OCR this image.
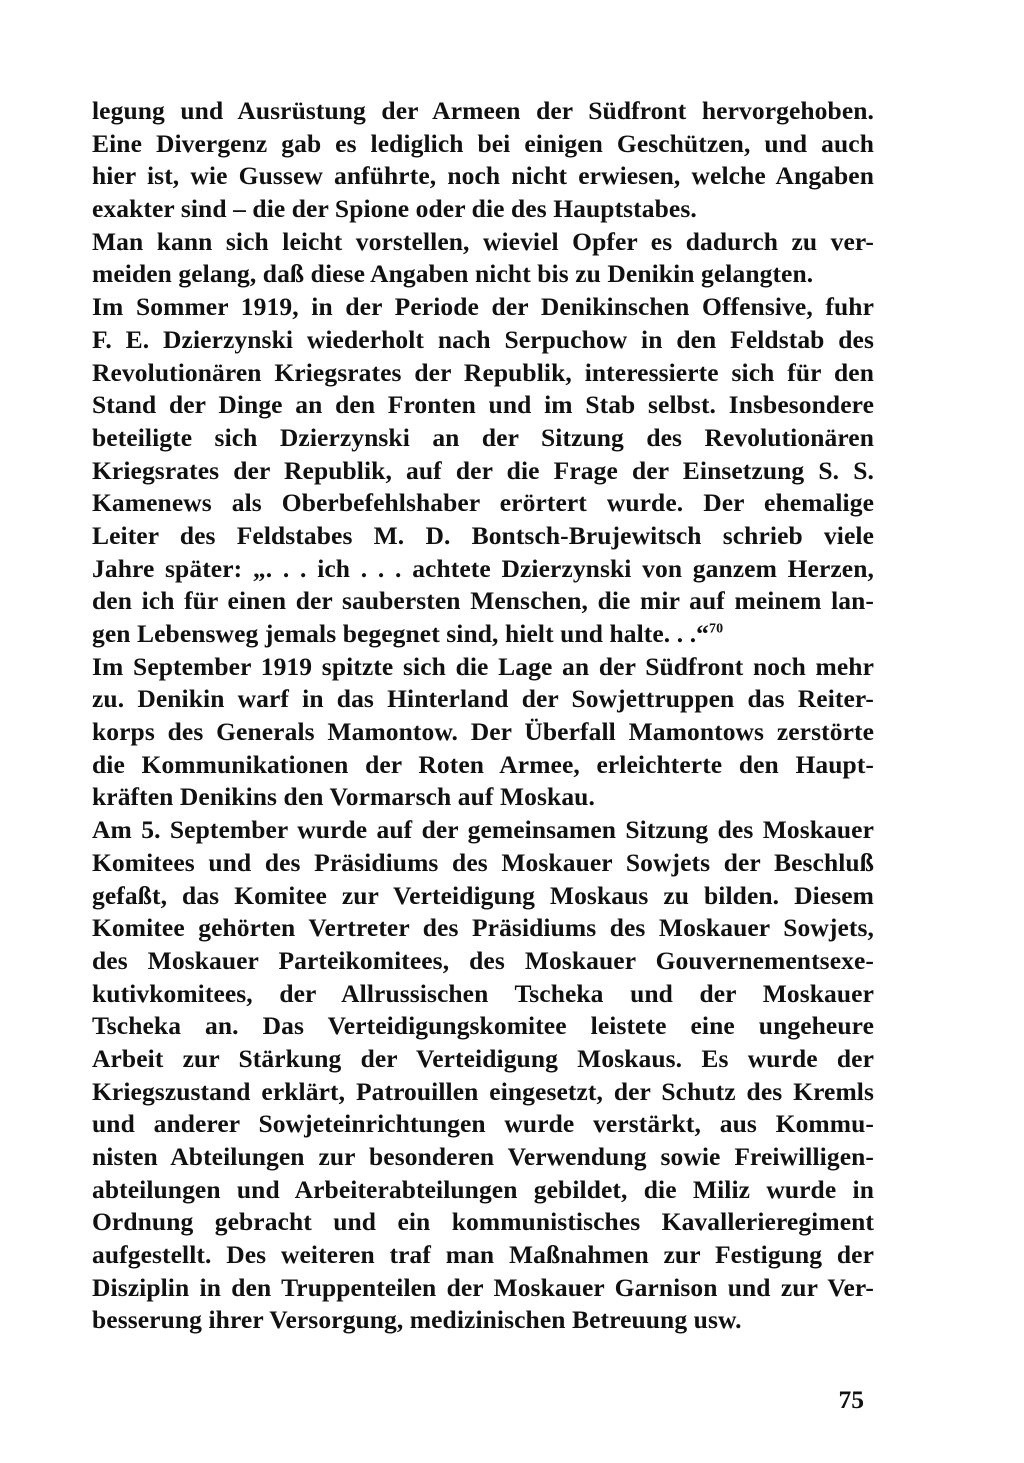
legung und Ausrüstung der Armeen der Südfront hervorgehoben.
Eine Divergenz gab es lediglich bei einigen Geschützen, und auch
hier ist, wie Gussew anführte, noch nicht erwiesen, welche Angaben
exakter sind – die der Spione oder die des Hauptstabes.
Man kann sich leicht vorstellen, wieviel Opfer es dadurch zu ver-
meiden gelang, daß diese Angaben nicht bis zu Denikin gelangten.
Im Sommer 1919, in der Periode der Denikinschen Offensive, fuhr
F. E. Dzierzynski wiederholt nach Serpuchow in den Feldstab des
Revolutionären Kriegsrates der Republik, interessierte sich für den
Stand der Dinge an den Fronten und im Stab selbst. Insbesondere
beteiligte sich Dzierzynski an der Sitzung des Revolutionären
Kriegsrates der Republik, auf der die Frage der Einsetzung S. S.
Kamenews als Oberbefehlshaber erörtert wurde. Der ehemalige
Leiter des Feldstabes M. D. Bontsch-Brujewitsch schrieb viele
Jahre später: „. . . ich . . . achtete Dzierzynski von ganzem Herzen,
den ich für einen der saubersten Menschen, die mir auf meinem lan-
gen Lebensweg jemals begegnet sind, hielt und halte. . .“$^{70}$
Im September 1919 spitzte sich die Lage an der Südfront noch mehr
zu. Denikin warf in das Hinterland der Sowjettruppen das Reiter-
korps des Generals Mamontow. Der Überfall Mamontows zerstörte
die Kommunikationen der Roten Armee, erleichterte den Haupt-
kräften Denikins den Vormarsch auf Moskau.
Am 5. September wurde auf der gemeinsamen Sitzung des Moskauer
Komitees und des Präsidiums des Moskauer Sowjets der Beschluß
gefaßt, das Komitee zur Verteidigung Moskaus zu bilden. Diesem
Komitee gehörten Vertreter des Präsidiums des Moskauer Sowjets,
des Moskauer Parteikomitees, des Moskauer Gouvernementsexe-
kutivkomitees, der Allrussischen Tscheka und der Moskauer
Tscheka an. Das Verteidigungskomitee leistete eine ungeheure
Arbeit zur Stärkung der Verteidigung Moskaus. Es wurde der
Kriegszustand erklärt, Patrouillen eingesetzt, der Schutz des Kremls
und anderer Sowjeteinrichtungen wurde verstärkt, aus Kommu-
nisten Abteilungen zur besonderen Verwendung sowie Freiwilligen-
abteilungen und Arbeiterabteilungen gebildet, die Miliz wurde in
Ordnung gebracht und ein kommunistisches Kavallerieregiment
aufgestellt. Des weiteren traf man Maßnahmen zur Festigung der
Disziplin in den Truppenteilen der Moskauer Garnison und zur Ver-
besserung ihrer Versorgung, medizinischen Betreuung usw.
75
